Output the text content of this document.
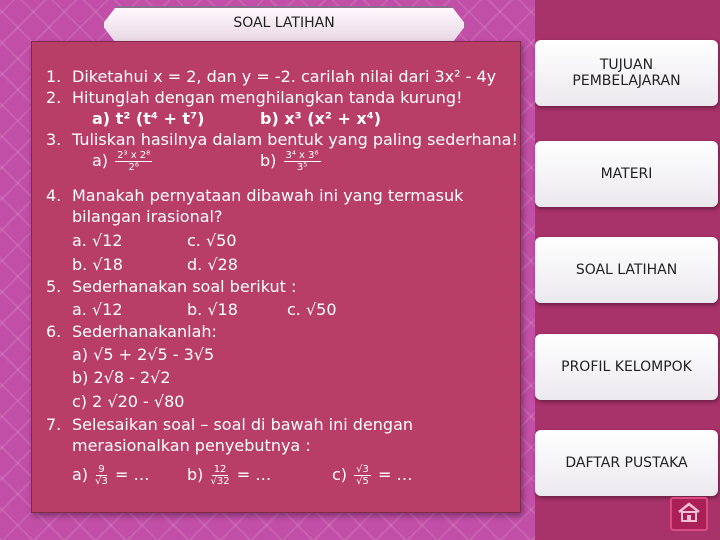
SOAL LATIHAN
1. Diketahui x = 2, dan y = -2. carilah nilai dari 3x² - 4y
2. Hitunglah dengan menghilangkan tanda kurung!
a) t² (t⁴ + t⁷)	b) x³ (x² + x⁴)
3. Tuliskan hasilnya dalam bentuk yang paling sederhana!
$a) \frac{\text{2³ x 2⁸}}{\text{2⁶}}$	$b) \frac{\text{3⁴ x 3⁶}}{\text{3⁵}}$
4. Manakah pernyataan dibawah ini yang termasuk
bilangan irasional?
a. √12	c. √50
b. √18	d. √28
5. Sederhanakan soal berikut :
a. √12	b. √18	c. √50
6. Sederhanakanlah:
a) √5 + 2√5 - 3√5
b) 2√8 - 2√2
c) 2 √20 - √80
7. Selesaikan soal – soal di bawah ini dengan
merasionalkan penyebutnya :
$a) \frac{9}{√3}$ = … $b) \frac{12}{√32}$ = …	$c) \frac{√3}{√5}$ = …
TUJUAN PEMBELAJARAN
MATERI
SOAL LATIHAN
PROFIL KELOMPOK
DAFTAR PUSTAKA
